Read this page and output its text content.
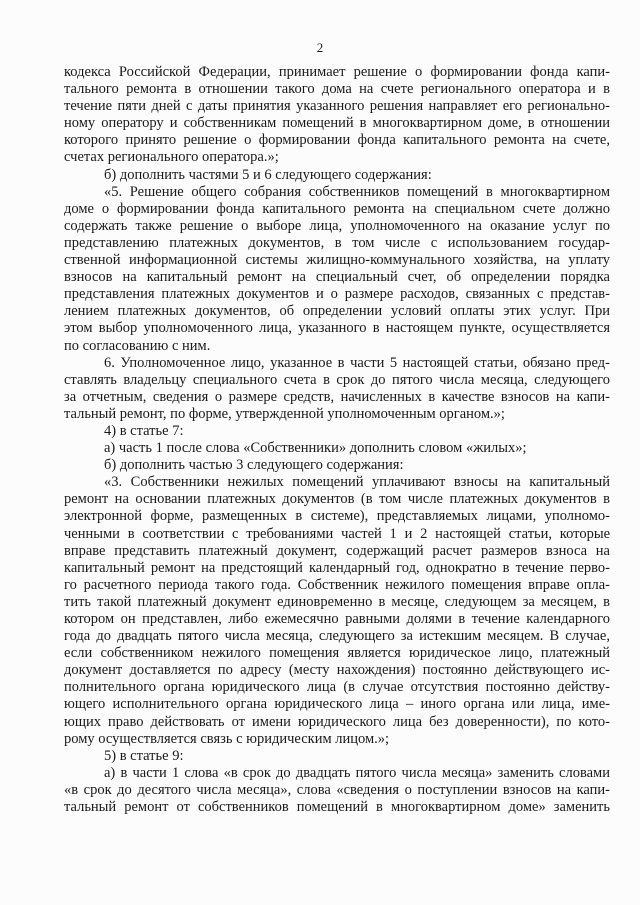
2
кодекса Российской Федерации, принимает решение о формировании фонда капи-
тального ремонта в отношении такого дома на счете регионального оператора и в
течение пяти дней с даты принятия указанного решения направляет его регионально-
ному оператору и собственникам помещений в многоквартирном доме, в отношении
которого принято решение о формировании фонда капитального ремонта на счете,
счетах регионального оператора.»;
б) дополнить частями 5 и 6 следующего содержания:
«5. Решение общего собрания собственников помещений в многоквартирном
доме о формировании фонда капитального ремонта на специальном счете должно
содержать также решение о выборе лица, уполномоченного на оказание услуг по
представлению платежных документов, в том числе с использованием государ-
ственной информационной системы жилищно-коммунального хозяйства, на уплату
взносов на капитальный ремонт на специальный счет, об определении порядка
представления платежных документов и о размере расходов, связанных с представ-
лением платежных документов, об определении условий оплаты этих услуг. При
этом выбор уполномоченного лица, указанного в настоящем пункте, осуществляется
по согласованию с ним.
6. Уполномоченное лицо, указанное в части 5 настоящей статьи, обязано пред-
ставлять владельцу специального счета в срок до пятого числа месяца, следующего
за отчетным, сведения о размере средств, начисленных в качестве взносов на капи-
тальный ремонт, по форме, утвержденной уполномоченным органом.»;
4) в статье 7:
а) часть 1 после слова «Собственники» дополнить словом «жилых»;
б) дополнить частью 3 следующего содержания:
«3. Собственники нежилых помещений уплачивают взносы на капитальный
ремонт на основании платежных документов (в том числе платежных документов в
электронной форме, размещенных в системе), представляемых лицами, уполномо-
ченными в соответствии с требованиями частей 1 и 2 настоящей статьи, которые
вправе представить платежный документ, содержащий расчет размеров взноса на
капитальный ремонт на предстоящий календарный год, однократно в течение перво-
го расчетного периода такого года. Собственник нежилого помещения вправе опла-
тить такой платежный документ единовременно в месяце, следующем за месяцем, в
котором он представлен, либо ежемесячно равными долями в течение календарного
года до двадцать пятого числа месяца, следующего за истекшим месяцем. В случае,
если собственником нежилого помещения является юридическое лицо, платежный
документ доставляется по адресу (месту нахождения) постоянно действующего ис-
полнительного органа юридического лица (в случае отсутствия постоянно действу-
ющего исполнительного органа юридического лица – иного органа или лица, име-
ющих право действовать от имени юридического лица без доверенности), по кото-
рому осуществляется связь с юридическим лицом.»;
5) в статье 9:
а) в части 1 слова «в срок до двадцать пятого числа месяца» заменить словами
«в срок до десятого числа месяца», слова «сведения о поступлении взносов на капи-
тальный ремонт от собственников помещений в многоквартирном доме» заменить
